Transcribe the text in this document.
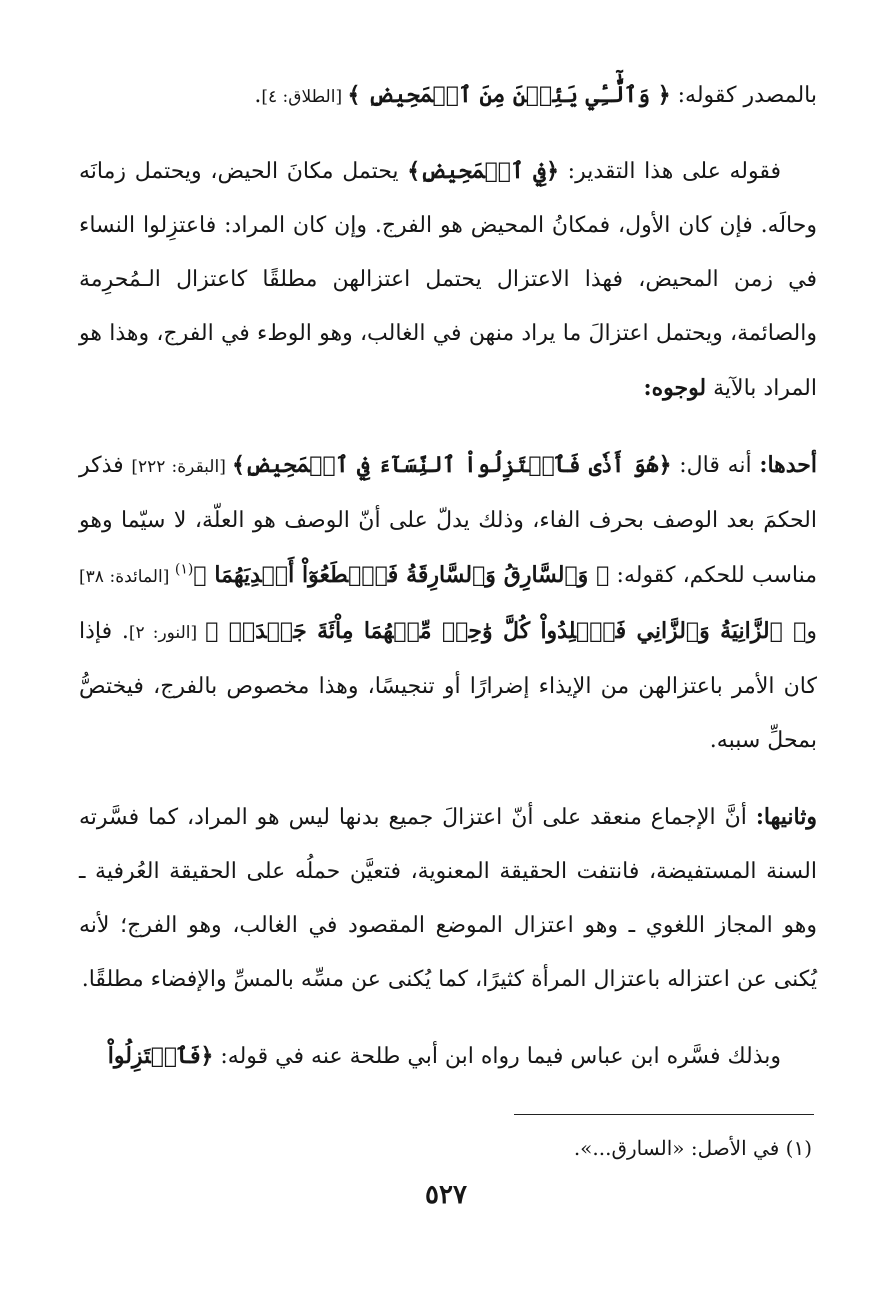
بالمصدر كقوله: ﴿ وَٱلَّٰٓـِٔي يَئِسۡنَ مِنَ ٱلۡمَحِيضِ ﴾ [الطلاق: ٤].

فقوله على هذا التقدير: ﴿فِي ٱلۡمَحِيضِ﴾ يحتمل مكانَ الحيض، ويحتمل زمانَه وحالَه. فإن كان الأول، فمكانُ المحيض هو الفرج. وإن كان المراد: فاعتزِلوا النساء في زمن المحيض، فهذا الاعتزال يحتمل اعتزالهن مطلقًا كاعتزال الـمُحرِمة والصائمة، ويحتمل اعتزالَ ما يراد منهن في الغالب، وهو الوطء في الفرج، وهذا هو المراد بالآية لوجوه:

أحدها: أنه قال: ﴿هُوَ أَذٗى فَٱعۡتَزِلُواْ ٱلنِّسَآءَ فِي ٱلۡمَحِيضِ﴾ [البقرة: ٢٢٢] فذكر الحكمَ بعد الوصف بحرف الفاء، وذلك يدلّ على أنّ الوصف هو العلّة، لا سيّما وهو مناسب للحكم، كقوله: ﴿ وَٱلسَّارِقُ وَٱلسَّارِقَةُ فَٱقۡطَعُوٓاْ أَيۡدِيَهُمَا ﴾$^{(١)}$ [المائدة: ٣٨] و﴿ ٱلزَّانِيَةُ وَٱلزَّانِي فَٱجۡلِدُواْ كُلَّ وَٰحِدٖ مِّنۡهُمَا مِاْئَةَ جَلۡدَةٖ ﴾ [النور: ٢]. فإذا كان الأمر باعتزالهن من الإيذاء إضرارًا أو تنجيسًا، وهذا مخصوص بالفرج، فيختصُّ بمحلِّ سببه.

وثانيها: أنَّ الإجماع منعقد على أنّ اعتزالَ جميع بدنها ليس هو المراد، كما فسَّرته السنة المستفيضة، فانتفت الحقيقة المعنوية، فتعيَّن حملُه على الحقيقة العُرفية ـ وهو المجاز اللغوي ـ وهو اعتزال الموضع المقصود في الغالب، وهو الفرج؛ لأنه يُكنى عن اعتزاله باعتزال المرأة كثيرًا، كما يُكنى عن مسِّه بالمسِّ والإفضاء مطلقًا.

وبذلك فسَّره ابن عباس فيما رواه ابن أبي طلحة عنه في قوله: ﴿فَٱعۡتَزِلُواْ

(١) في الأصل: «السارق...».
٥٢٧
